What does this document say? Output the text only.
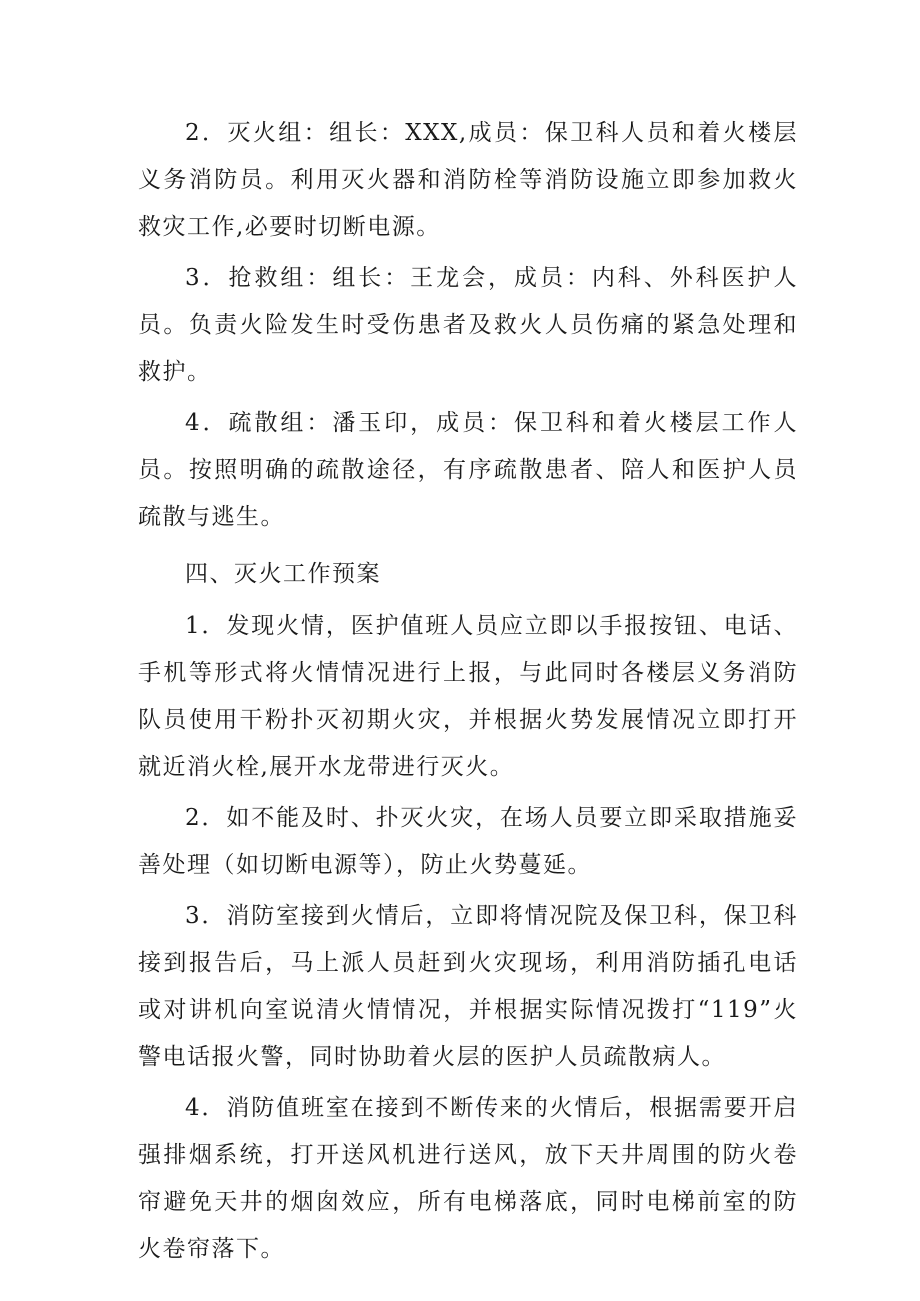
2．灭火组：组长：XXX,成员：保卫科人员和着火楼层义务消防员。利用灭火器和消防栓等消防设施立即参加救火救灾工作,必要时切断电源。

3．抢救组：组长：王龙会，成员：内科、外科医护人员。负责火险发生时受伤患者及救火人员伤痛的紧急处理和救护。

4．疏散组：潘玉印，成员：保卫科和着火楼层工作人员。按照明确的疏散途径，有序疏散患者、陪人和医护人员疏散与逃生。

四、灭火工作预案

1．发现火情，医护值班人员应立即以手报按钮、电话、手机等形式将火情情况进行上报，与此同时各楼层义务消防队员使用干粉扑灭初期火灾，并根据火势发展情况立即打开就近消火栓,展开水龙带进行灭火。

2．如不能及时、扑灭火灾，在场人员要立即采取措施妥善处理（如切断电源等），防止火势蔓延。

3．消防室接到火情后，立即将情况院及保卫科，保卫科接到报告后，马上派人员赶到火灾现场，利用消防插孔电话或对讲机向室说清火情情况，并根据实际情况拨打“119”火警电话报火警，同时协助着火层的医护人员疏散病人。

4．消防值班室在接到不断传来的火情后，根据需要开启强排烟系统，打开送风机进行送风，放下天井周围的防火卷帘避免天井的烟囱效应，所有电梯落底，同时电梯前室的防火卷帘落下。
